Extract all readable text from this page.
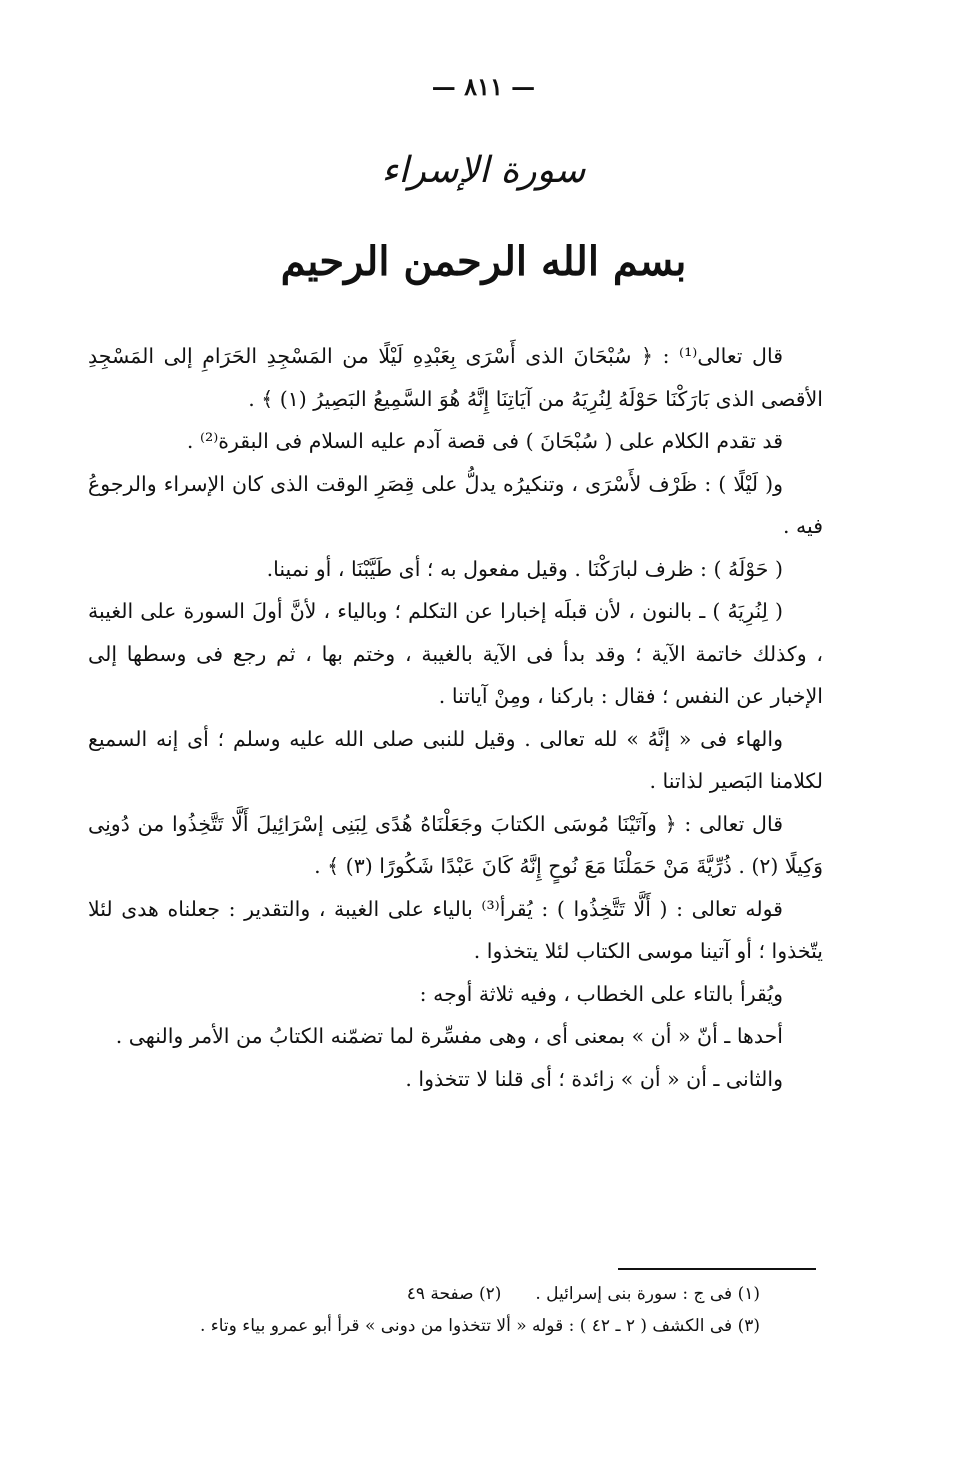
— ٨١١ —
سورة الإسراء
بسم الله الرحمن الرحيم

قال تعالى⁽¹⁾ : ﴿ سُبْحَانَ الذى أَسْرَى بِعَبْدِهِ لَيْلًا من المَسْجِدِ الحَرَامِ إلى المَسْجِدِ الأقصى الذى بَارَكْنَا حَوْلَهُ لِنُرِيَهُ من آيَاتِنَا إِنَّهُ هُوَ السَّمِيعُ البَصِيرُ (١) ﴾ .

قد تقدم الكلام على ( سُبْحَانَ ) فى قصة آدم عليه السلام فى البقرة⁽²⁾ .

و( لَيْلًا ) : ظَرْف لأَسْرَى ، وتنكيرُه يدلُّ على قِصَرِ الوقت الذى كان الإسراء والرجوعُ فيه .

( حَوْلَهُ ) : ظرف لبارَكْنَا . وقيل مفعول به ؛ أى طَيَّبْنَا ، أو نمينا.

( لِنُرِيَهُ ) ـ بالنون ، لأن قبلَه إخبارا عن التكلم ؛ وبالياء ، لأنَّ أولَ السورة على الغيبة ، وكذلك خاتمة الآية ؛ وقد بدأ فى الآية بالغيبة ، وختم بها ، ثم رجع فى وسطها إلى الإخبار عن النفس ؛ فقال : باركنا ، ومِنْ آياتنا .

والهاء فى « إنَّهُ » لله تعالى . وقيل للنبى صلى الله عليه وسلم ؛ أى إنه السميع لكلامنا البَصير لذاتنا .

قال تعالى : ﴿ وآتَيْنَا مُوسَى الكتابَ وجَعَلْنَاهُ هُدًى لِبَنِى إسْرَائِيلَ أَلَّا تَتَّخِذُوا من دُونِى وَكِيلًا (٢) . ذُرِّيَّةَ مَنْ حَمَلْنَا مَعَ نُوحٍ إِنَّهُ كَانَ عَبْدًا شَكُورًا (٣) ﴾ .

قوله تعالى : ( أَلَّا تَتَّخِذُوا ) : يُقرأ⁽³⁾ بالياء على الغيبة ، والتقدير : جعلناه هدى لئلا يتّخذوا ؛ أو آتينا موسى الكتاب لئلا يتخذوا .

ويُقرأ بالتاء على الخطاب ، وفيه ثلاثة أوجه :

أحدها ـ أنّ « أن » بمعنى أى ، وهى مفسِّرة لما تضمّنه الكتابُ من الأمر والنهى .

والثانى ـ أن « أن » زائدة ؛ أى قلنا لا تتخذوا .

(١) فى ج : سورة بنى إسرائيل .(٢) صفحة ٤٩

(٣) فى الكشف ( ٢ ـ ٤٢ ) : قوله « ألا تتخذوا من دونى » قرأ أبو عمرو بياء وتاء .
